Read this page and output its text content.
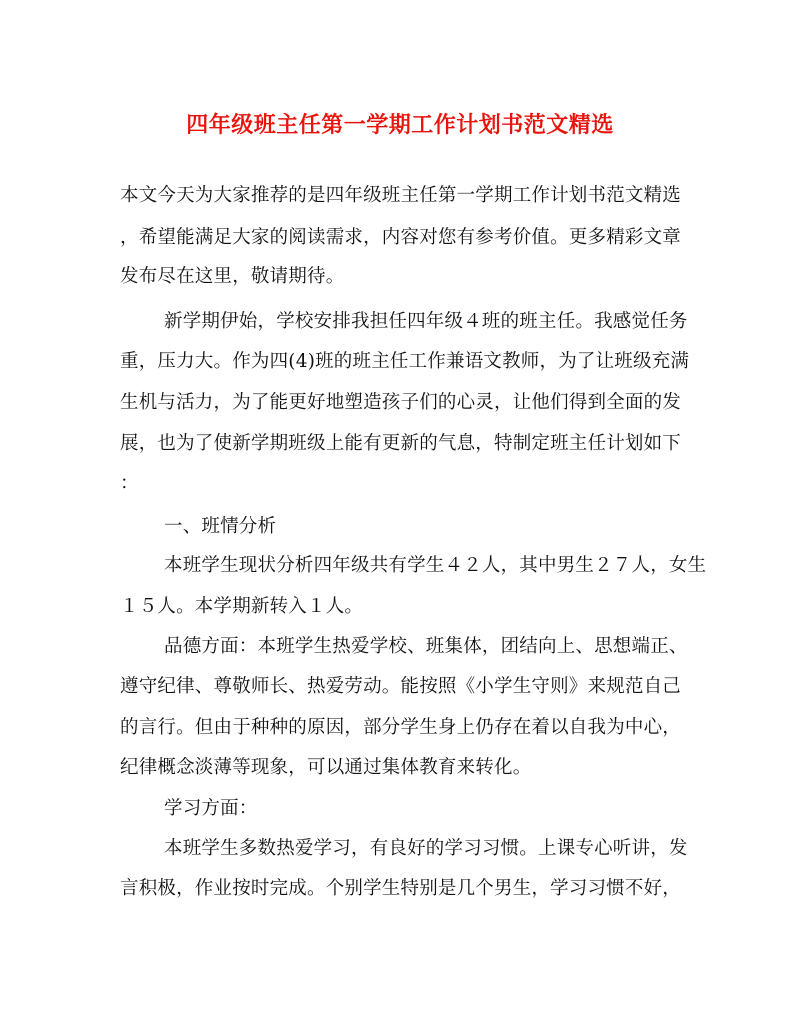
四年级班主任第一学期工作计划书范文精选
本文今天为大家推荐的是四年级班主任第一学期工作计划书范文精选
，希望能满足大家的阅读需求，内容对您有参考价值。更多精彩文章
发布尽在这里，敬请期待。
新学期伊始，学校安排我担任四年级４班的班主任。我感觉任务
重，压力大。作为四(4)班的班主任工作兼语文教师，为了让班级充满
生机与活力，为了能更好地塑造孩子们的心灵，让他们得到全面的发
展，也为了使新学期班级上能有更新的气息，特制定班主任计划如下
：
一、班情分析
本班学生现状分析四年级共有学生４２人，其中男生２７人，女生
１５人。本学期新转入１人。
品德方面：本班学生热爱学校、班集体，团结向上、思想端正、
遵守纪律、尊敬师长、热爱劳动。能按照《小学生守则》来规范自己
的言行。但由于种种的原因，部分学生身上仍存在着以自我为中心，
纪律概念淡薄等现象，可以通过集体教育来转化。
学习方面：
本班学生多数热爱学习，有良好的学习习惯。上课专心听讲，发
言积极，作业按时完成。个别学生特别是几个男生，学习习惯不好，
